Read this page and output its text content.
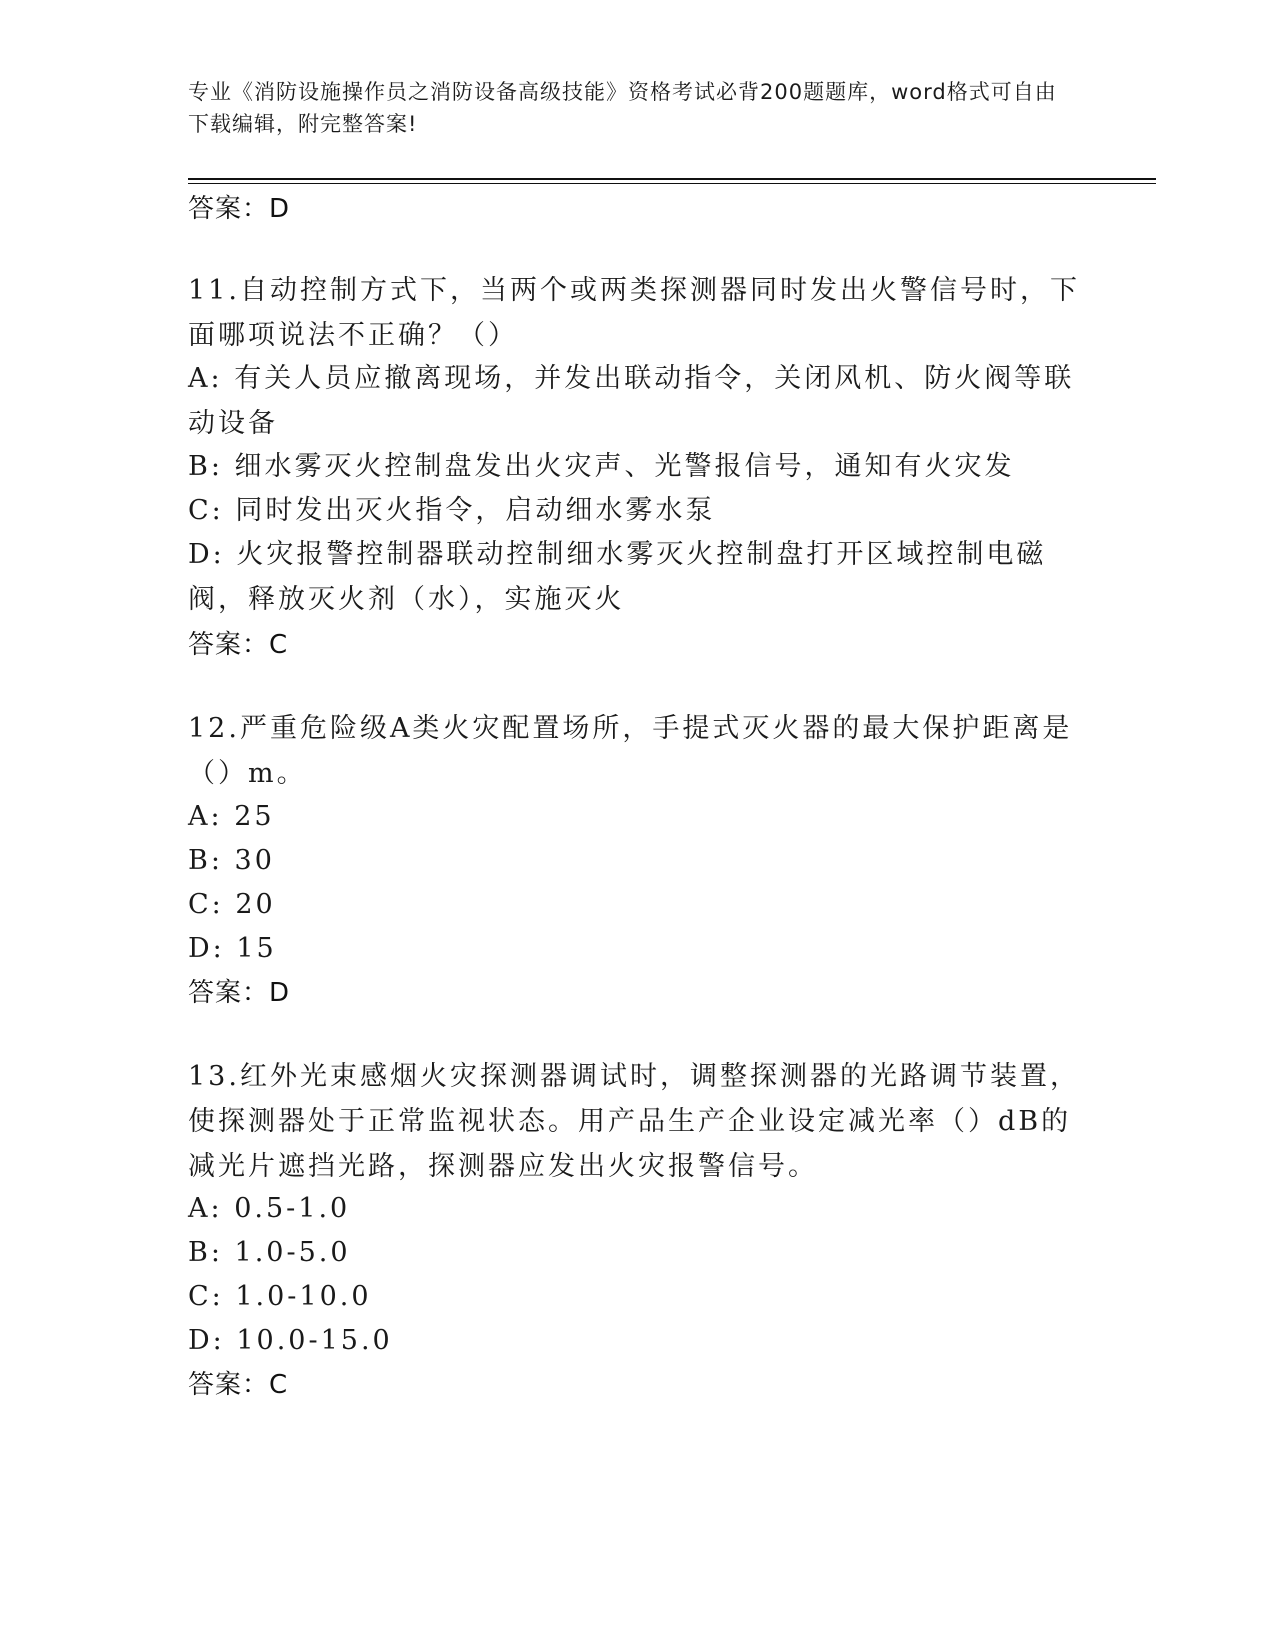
专业《消防设施操作员之消防设备高级技能》资格考试必背200题题库，word格式可自由下载编辑，附完整答案!
答案：D
11.自动控制方式下，当两个或两类探测器同时发出火警信号时，下面哪项说法不正确？（）
A: 有关人员应撤离现场，并发出联动指令，关闭风机、防火阀等联动设备
B: 细水雾灭火控制盘发出火灾声、光警报信号，通知有火灾发
C: 同时发出灭火指令，启动细水雾水泵
D: 火灾报警控制器联动控制细水雾灭火控制盘打开区域控制电磁阀，释放灭火剂（水），实施灭火
答案：C
12.严重危险级A类火灾配置场所，手提式灭火器的最大保护距离是（）m。
A: 25
B: 30
C: 20
D: 15
答案：D
13.红外光束感烟火灾探测器调试时，调整探测器的光路调节装置，使探测器处于正常监视状态。用产品生产企业设定减光率（）dB的减光片遮挡光路，探测器应发出火灾报警信号。
A: 0.5-1.0
B: 1.0-5.0
C: 1.0-10.0
D: 10.0-15.0
答案：C
